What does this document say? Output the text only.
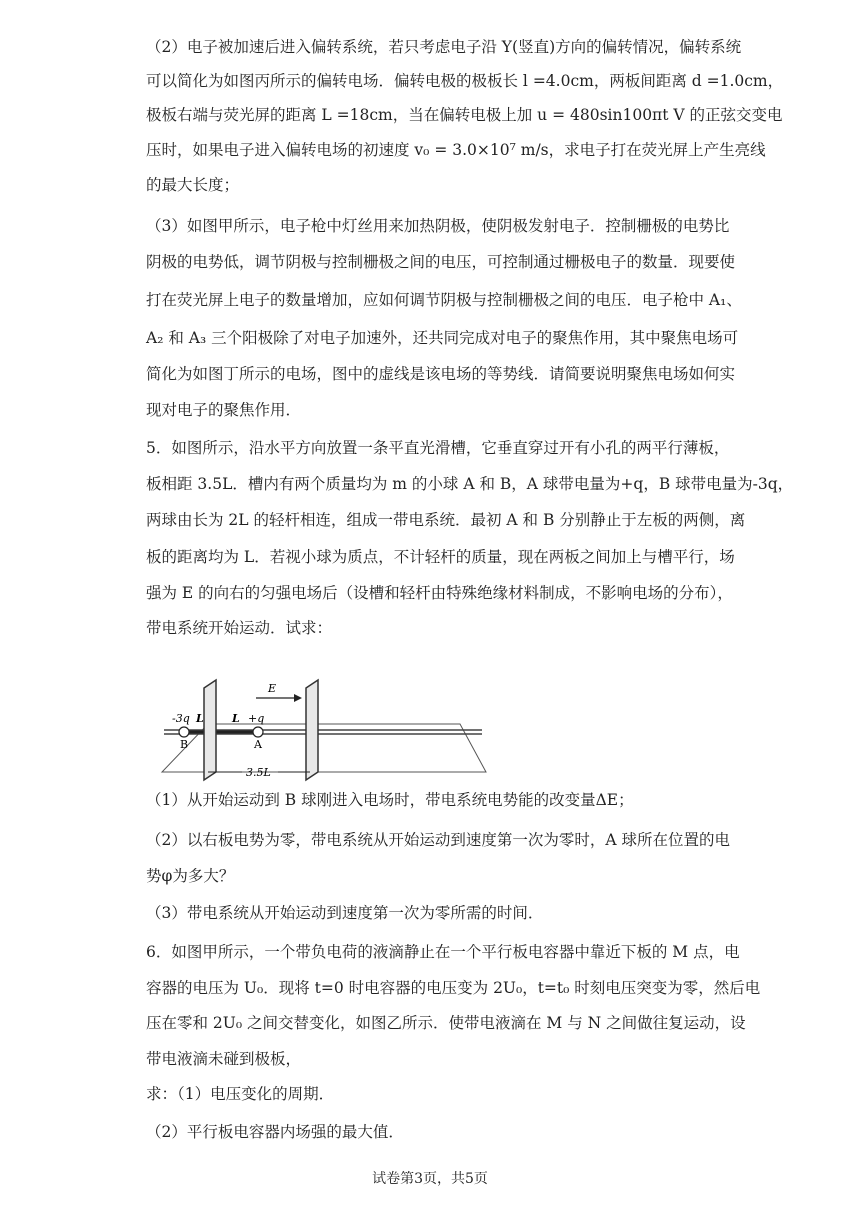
（2）电子被加速后进入偏转系统，若只考虑电子沿 Y(竖直)方向的偏转情况，偏转系统
可以简化为如图丙所示的偏转电场．偏转电极的极板长 l =4.0cm，两板间距离 d =1.0cm，
极板右端与荧光屏的距离 L =18cm，当在偏转电极上加 u = 480sin100πt V 的正弦交变电
压时，如果电子进入偏转电场的初速度 v₀ = 3.0×10⁷ m/s，求电子打在荧光屏上产生亮线
的最大长度；
（3）如图甲所示，电子枪中灯丝用来加热阴极，使阴极发射电子．控制栅极的电势比
阴极的电势低，调节阴极与控制栅极之间的电压，可控制通过栅极电子的数量．现要使
打在荧光屏上电子的数量增加，应如何调节阴极与控制栅极之间的电压．电子枪中 A₁、
A₂ 和 A₃ 三个阳极除了对电子加速外，还共同完成对电子的聚焦作用，其中聚焦电场可
简化为如图丁所示的电场，图中的虚线是该电场的等势线．请简要说明聚焦电场如何实
现对电子的聚焦作用．
5．如图所示，沿水平方向放置一条平直光滑槽，它垂直穿过开有小孔的两平行薄板，
板相距 3.5L．槽内有两个质量均为 m 的小球 A 和 B，A 球带电量为+q，B 球带电量为-3q，
两球由长为 2L 的轻杆相连，组成一带电系统．最初 A 和 B 分别静止于左板的两侧，离
板的距离均为 L．若视小球为质点，不计轻杆的质量，现在两板之间加上与槽平行，场
强为 E 的向右的匀强电场后（设槽和轻杆由特殊绝缘材料制成，不影响电场的分布），
带电系统开始运动．试求：
-3q L	L +q
B	A
E
3.5L
（1）从开始运动到 B 球刚进入电场时，带电系统电势能的改变量ΔE；
（2）以右板电势为零，带电系统从开始运动到速度第一次为零时，A 球所在位置的电
势φ为多大？
（3）带电系统从开始运动到速度第一次为零所需的时间．
6．如图甲所示，一个带负电荷的液滴静止在一个平行板电容器中靠近下板的 M 点，电
容器的电压为 U₀．现将 t=0 时电容器的电压变为 2U₀，t=t₀ 时刻电压突变为零，然后电
压在零和 2U₀ 之间交替变化，如图乙所示．使带电液滴在 M 与 N 之间做往复运动，设
带电液滴未碰到极板，
求：（1）电压变化的周期．
（2）平行板电容器内场强的最大值．
试卷第3页，共5页
